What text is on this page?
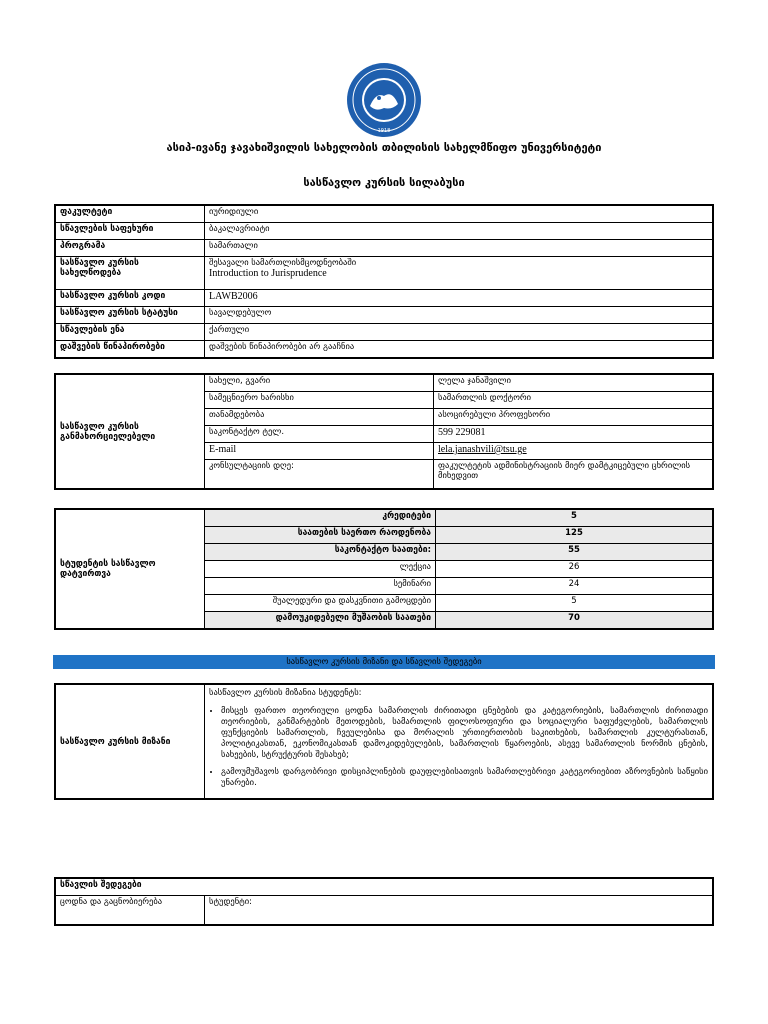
1918
ასიპ-ივანე ჯავახიშვილის სახელობის თბილისის სახელმწიფო უნივერსიტეტი
სასწავლო კურსის სილაბუსი
ფაკულტეტი	იურიდიული
სწავლების საფეხური	ბაკალავრიატი
პროგრამა	სამართალი
სასწავლო კურსის სახელწოდება	შესავალი სამართლისმცოდნეობაში
Introduction to Jurisprudence

სასწავლო კურსის კოდი	LAWB2006
სასწავლო კურსის სტატუსი	სავალდებულო
სწავლების ენა	ქართული
დაშვების წინაპირობები	დაშვების წინაპირობები არ გააჩნია
სასწავლო კურსის განმახორციელებელი	სახელი, გვარი	ლელა ჯანაშვილი
	სამეცნიერო ხარისხი	სამართლის დოქტორი
	თანამდებობა	ასოცირებული პროფესორი
	საკონტაქტო ტელ.	599 229081
	E-mail	lela.janashvili@tsu.ge
	კონსულტაციის დღე:	ფაკულტეტის ადმინისტრაციის მიერ დამტკიცებული ცხრილის მიხედვით
სტუდენტის სასწავლო დატვირთვა	კრედიტები	5
	საათების საერთო რაოდენობა	125
	საკონტაქტო საათები:	55
	ლექცია	26
	სემინარი	24
	შუალედური და დასკვნითი გამოცდები	5
	დამოუკიდებელი მუშაობის საათები	70
სასწავლო კურსის მიზანი და სწავლის შედეგები
სასწავლო კურსის მიზანი	
სასწავლო კურსის მიზანია სტუდენტს:
• მისცეს ფართო თეორიული ცოდნა სამართლის ძირითადი ცნებების და კატეგორიების, სამართლის ძირითადი თეორიების, განმარტების მეთოდების, სამართლის ფილოსოფიური და სოციალური საფუძვლების, სამართლის ფუნქციების სამართლის, ჩვეულებისა და მორალის ურთიერთობის საკითხების, სამართლის კულტურასთან, პოლიტიკასთან, ეკონომიკასთან დამოკიდებულების, სამართლის წყაროების, ასევე სამართლის ნორმის ცნების, სახეების, სტრუქტურის შესახებ;
• გამოუმუშავოს დარგობრივი დისციპლინების დაუფლებისათვის სამართლებრივი კატეგორიებით აზროვნების საწყისი უნარები.
სწავლის შედეგები
ცოდნა და გაცნობიერება	სტუდენტი:
